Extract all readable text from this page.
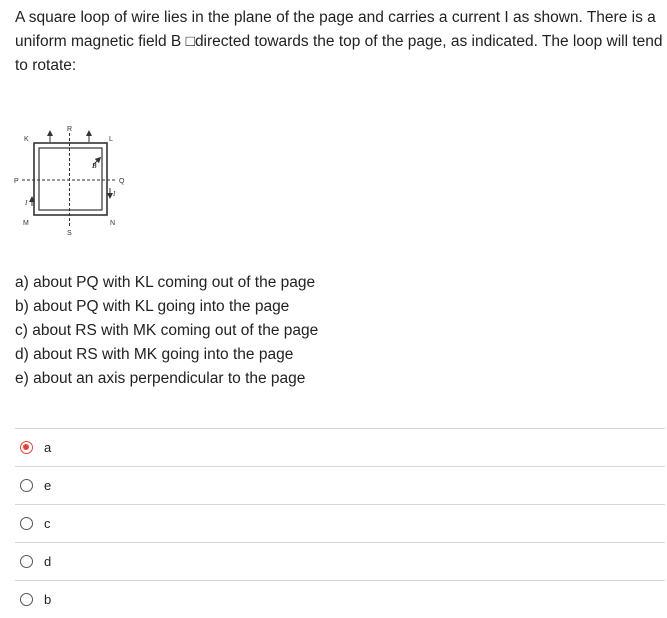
A square loop of wire lies in the plane of the page and carries a current I as shown. There is a uniform magnetic field B □directed towards the top of the page, as indicated. The loop will tend to rotate:

K	L
M	N
P	Q
R
S
B
I
I
a) about PQ with KL coming out of the page
b) about PQ with KL going into the page
c) about RS with MK coming out of the page
d) about RS with MK going into the page
e) about an axis perpendicular to the page
a
e
c
d
b
